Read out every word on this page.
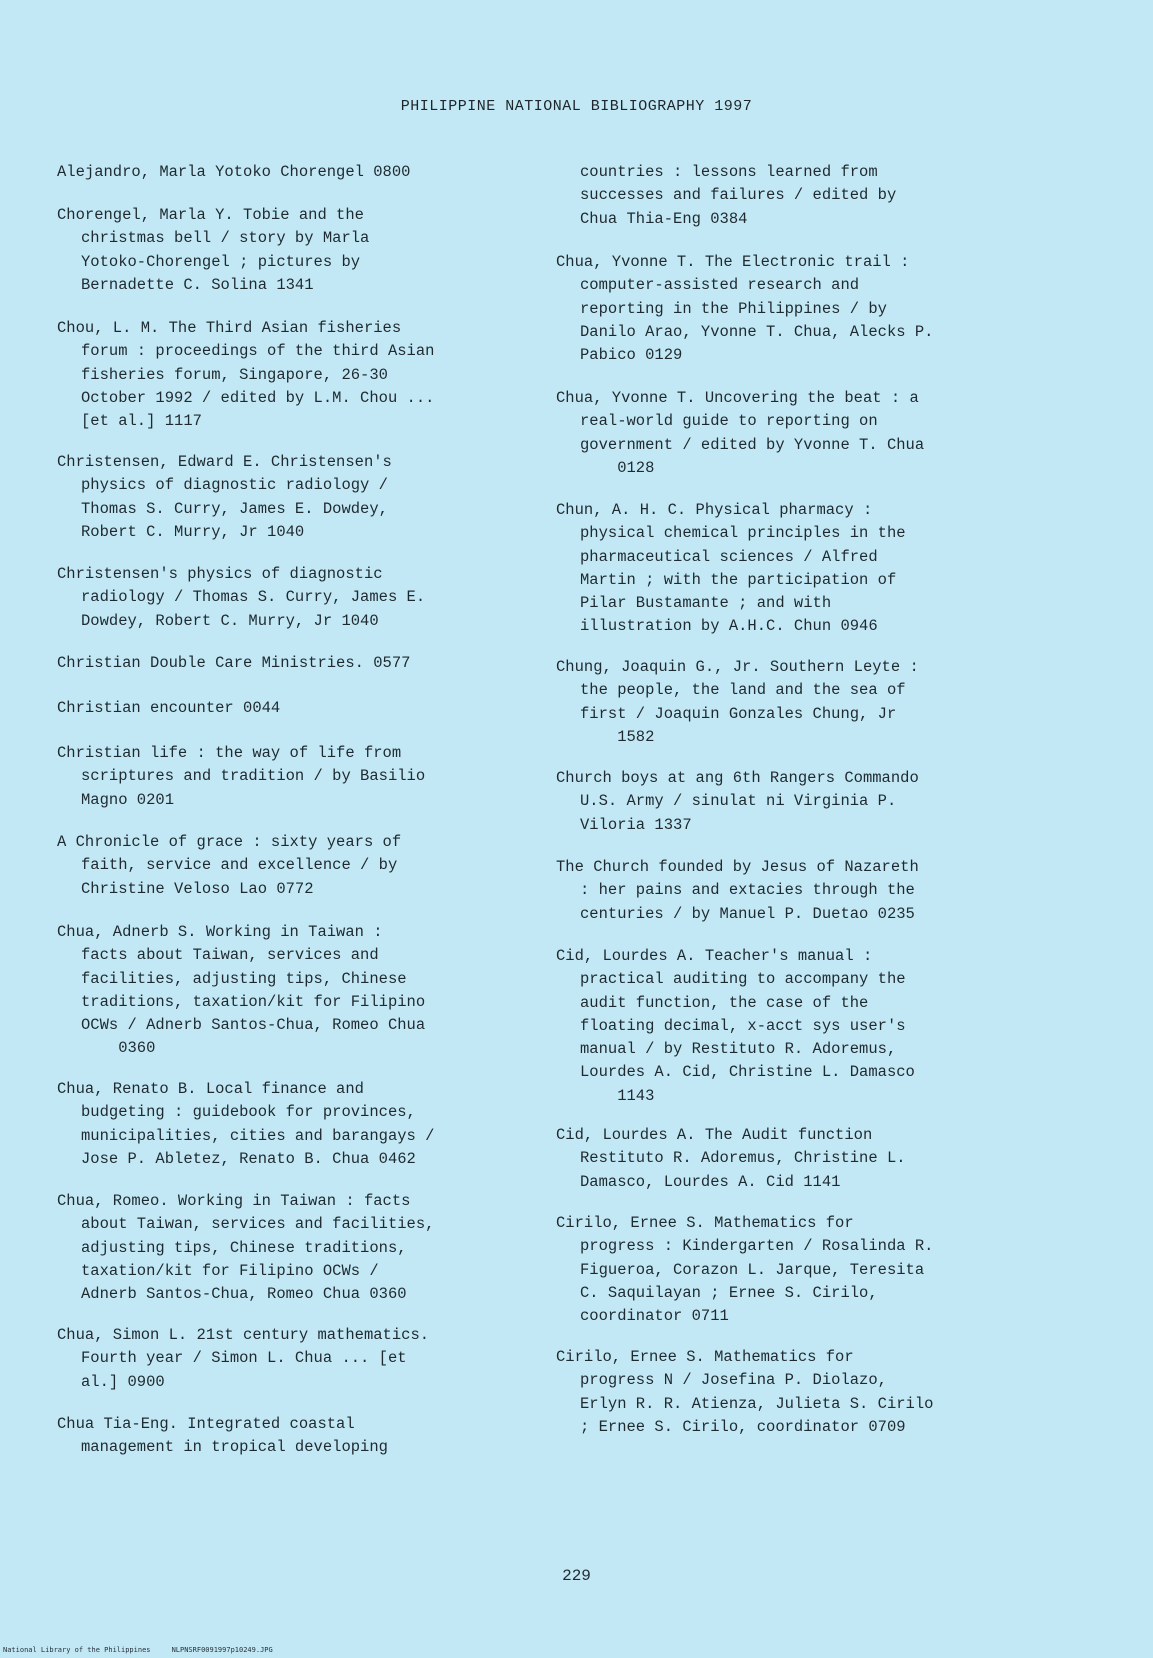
PHILIPPINE NATIONAL BIBLIOGRAPHY 1997
Alejandro, Marla Yotoko Chorengel 0800
Chorengel, Marla Y. Tobie and the
christmas bell / story by Marla
Yotoko-Chorengel ; pictures by
Bernadette C. Solina 1341
Chou, L. M. The Third Asian fisheries
forum : proceedings of the third Asian
fisheries forum, Singapore, 26-30
October 1992 / edited by L.M. Chou ...
[et al.] 1117
Christensen, Edward E. Christensen's
physics of diagnostic radiology /
Thomas S. Curry, James E. Dowdey,
Robert C. Murry, Jr 1040
Christensen's physics of diagnostic
radiology / Thomas S. Curry, James E.
Dowdey, Robert C. Murry, Jr 1040
Christian Double Care Ministries. 0577
Christian encounter 0044
Christian life : the way of life from
scriptures and tradition / by Basilio
Magno 0201
A Chronicle of grace : sixty years of
faith, service and excellence / by
Christine Veloso Lao 0772
Chua, Adnerb S. Working in Taiwan :
facts about Taiwan, services and
facilities, adjusting tips, Chinese
traditions, taxation/kit for Filipino
OCWs / Adnerb Santos-Chua, Romeo Chua
0360
Chua, Renato B. Local finance and
budgeting : guidebook for provinces,
municipalities, cities and barangays /
Jose P. Abletez, Renato B. Chua 0462
Chua, Romeo. Working in Taiwan : facts
about Taiwan, services and facilities,
adjusting tips, Chinese traditions,
taxation/kit for Filipino OCWs /
Adnerb Santos-Chua, Romeo Chua 0360
Chua, Simon L. 21st century mathematics.
Fourth year / Simon L. Chua ... [et
al.] 0900
Chua Tia-Eng. Integrated coastal
management in tropical developing
countries : lessons learned from
successes and failures / edited by
Chua Thia-Eng 0384
Chua, Yvonne T. The Electronic trail :
computer-assisted research and
reporting in the Philippines / by
Danilo Arao, Yvonne T. Chua, Alecks P.
Pabico 0129
Chua, Yvonne T. Uncovering the beat : a
real-world guide to reporting on
government / edited by Yvonne T. Chua
0128
Chun, A. H. C. Physical pharmacy :
physical chemical principles in the
pharmaceutical sciences / Alfred
Martin ; with the participation of
Pilar Bustamante ; and with
illustration by A.H.C. Chun 0946
Chung, Joaquin G., Jr. Southern Leyte :
the people, the land and the sea of
first / Joaquin Gonzales Chung, Jr
1582
Church boys at ang 6th Rangers Commando
U.S. Army / sinulat ni Virginia P.
Viloria 1337
The Church founded by Jesus of Nazareth
: her pains and extacies through the
centuries / by Manuel P. Duetao 0235
Cid, Lourdes A. Teacher's manual :
practical auditing to accompany the
audit function, the case of the
floating decimal, x-acct sys user's
manual / by Restituto R. Adoremus,
Lourdes A. Cid, Christine L. Damasco
1143
Cid, Lourdes A. The Audit function
Restituto R. Adoremus, Christine L.
Damasco, Lourdes A. Cid 1141
Cirilo, Ernee S. Mathematics for
progress : Kindergarten / Rosalinda R.
Figueroa, Corazon L. Jarque, Teresita
C. Saquilayan ; Ernee S. Cirilo,
coordinator 0711
Cirilo, Ernee S. Mathematics for
progress N / Josefina P. Diolazo,
Erlyn R. R. Atienza, Julieta S. Cirilo
; Ernee S. Cirilo, coordinator 0709
229
National Library of the Philippines     NLPNSRF0091997p10249.JPG
